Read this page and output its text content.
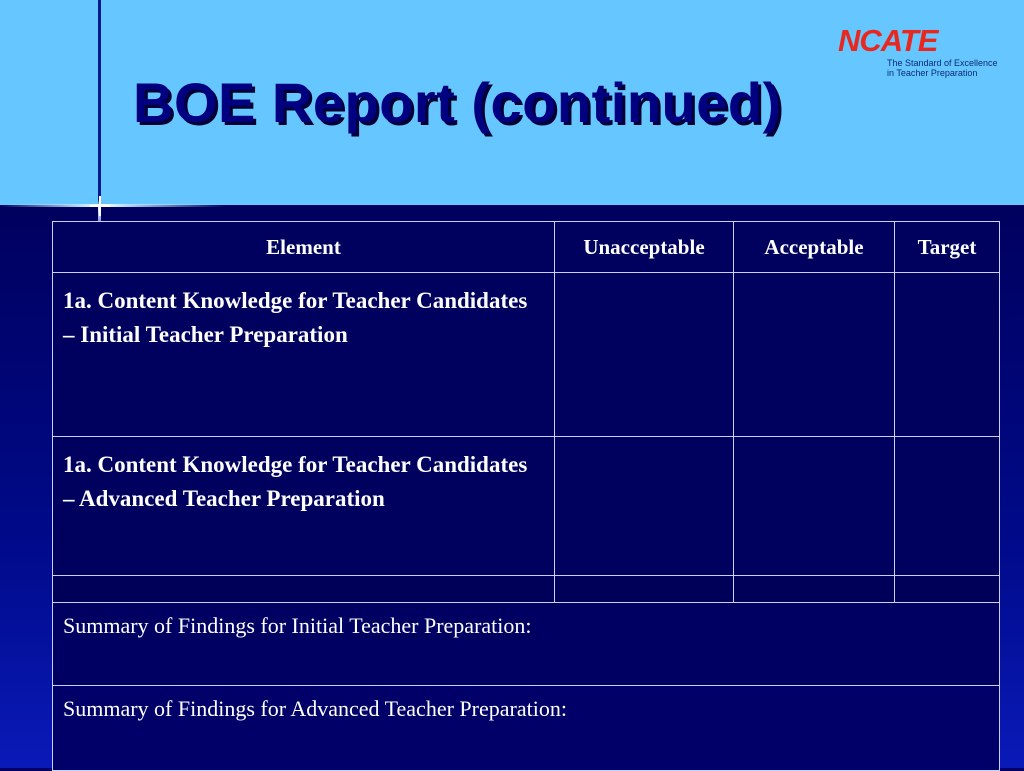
BOE Report (continued)
NCATE
The Standard of Excellence
in Teacher Preparation
Element	Unacceptable	Acceptable	Target
1a. Content Knowledge for Teacher Candidates – Initial Teacher Preparation			
1a. Content Knowledge for Teacher Candidates – Advanced Teacher Preparation			

Summary of Findings for Initial Teacher Preparation:			
Summary of Findings for Advanced Teacher Preparation:			
